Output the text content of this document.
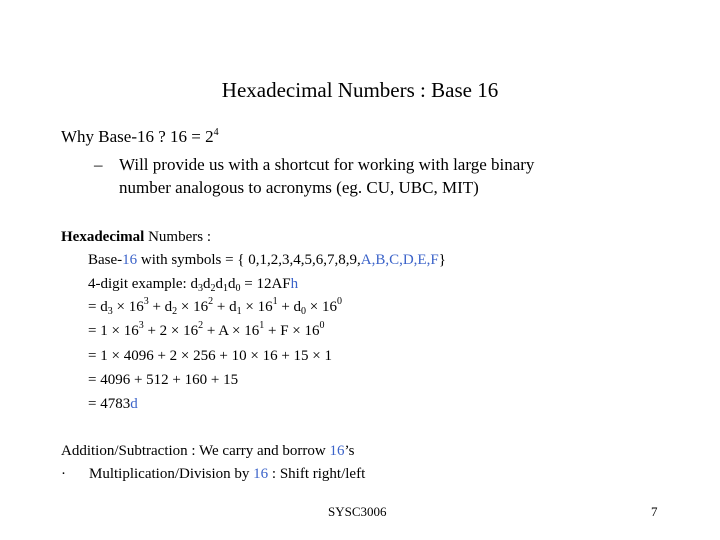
Hexadecimal Numbers : Base 16
Why Base-16 ? $16 = 2^4$
– Will provide us with a shortcut for working with large binary
number analogous to acronyms (eg. CU, UBC, MIT)
Hexadecimal Numbers :
Base-16 with symbols = { 0,1,2,3,4,5,6,7,8,9,A,B,C,D,E,F}
4-digit example: $d_3d_2d_1d_0 = 12AFh$
= $d_3 \times 16^3 + d_2 \times 16^2 + d_1 \times 16^1 + d_0 \times 16^0$
= $1 \times 16^3 + 2 \times 16^2 + A \times 16^1 + F \times 16^0$
= 1 × 4096 + 2 × 256 + 10 × 16 + 15 × 1
= 4096 + 512 + 160 + 15
= 4783d
Addition/Subtraction : We carry and borrow 16’s
· Multiplication/Division by 16 : Shift right/left
SYSC3006	7
